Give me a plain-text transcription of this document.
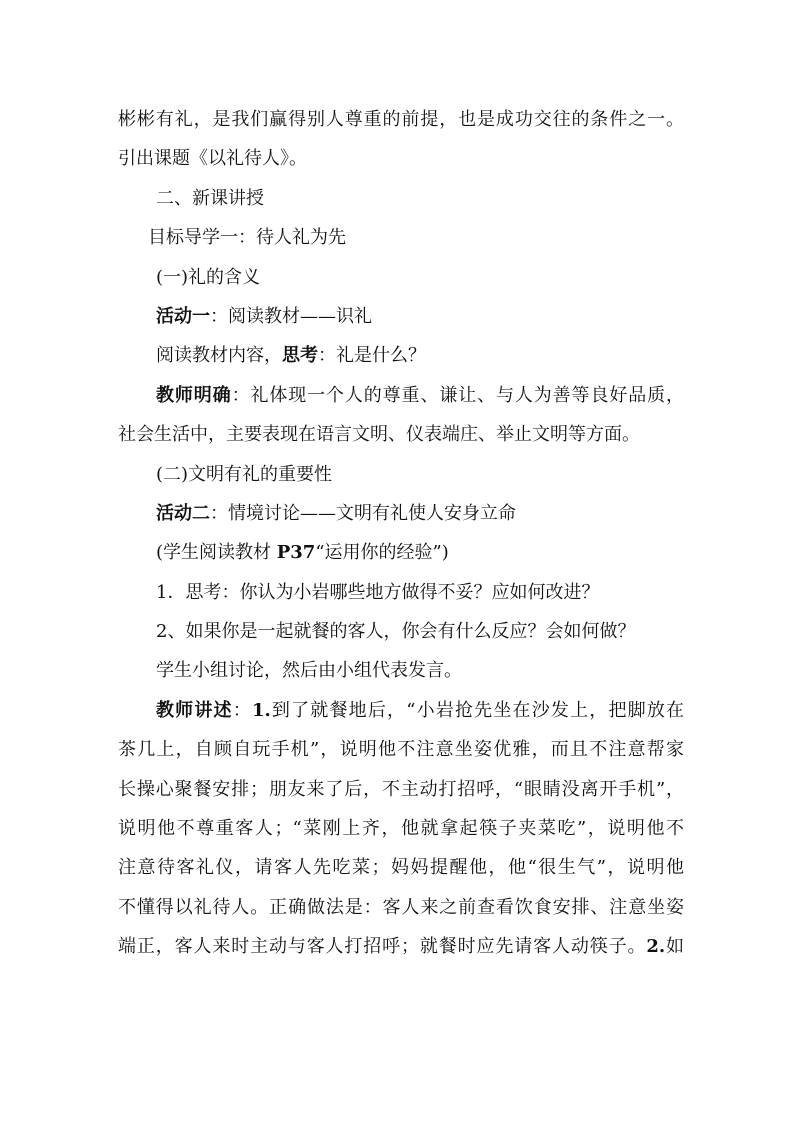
彬彬有礼，是我们赢得别人尊重的前提，也是成功交往的条件之一。
引出课题《以礼待人》。
二、新课讲授
目标导学一：待人礼为先
(一)礼的含义
活动一：阅读教材——识礼
阅读教材内容，思考：礼是什么？
教师明确：礼体现一个人的尊重、谦让、与人为善等良好品质，
社会生活中，主要表现在语言文明、仪表端庄、举止文明等方面。
(二)文明有礼的重要性
活动二：情境讨论——文明有礼使人安身立命
(学生阅读教材 P37“运用你的经验”)
1．思考：你认为小岩哪些地方做得不妥？应如何改进？
2、如果你是一起就餐的客人，你会有什么反应？会如何做？
学生小组讨论，然后由小组代表发言。
教师讲述：1.到了就餐地后，“小岩抢先坐在沙发上，把脚放在
茶几上，自顾自玩手机”，说明他不注意坐姿优雅，而且不注意帮家
长操心聚餐安排；朋友来了后，不主动打招呼，“眼睛没离开手机”，
说明他不尊重客人；“菜刚上齐，他就拿起筷子夹菜吃”，说明他不
注意待客礼仪，请客人先吃菜；妈妈提醒他，他“很生气”，说明他
不懂得以礼待人。正确做法是：客人来之前查看饮食安排、注意坐姿
端正，客人来时主动与客人打招呼；就餐时应先请客人动筷子。2.如
